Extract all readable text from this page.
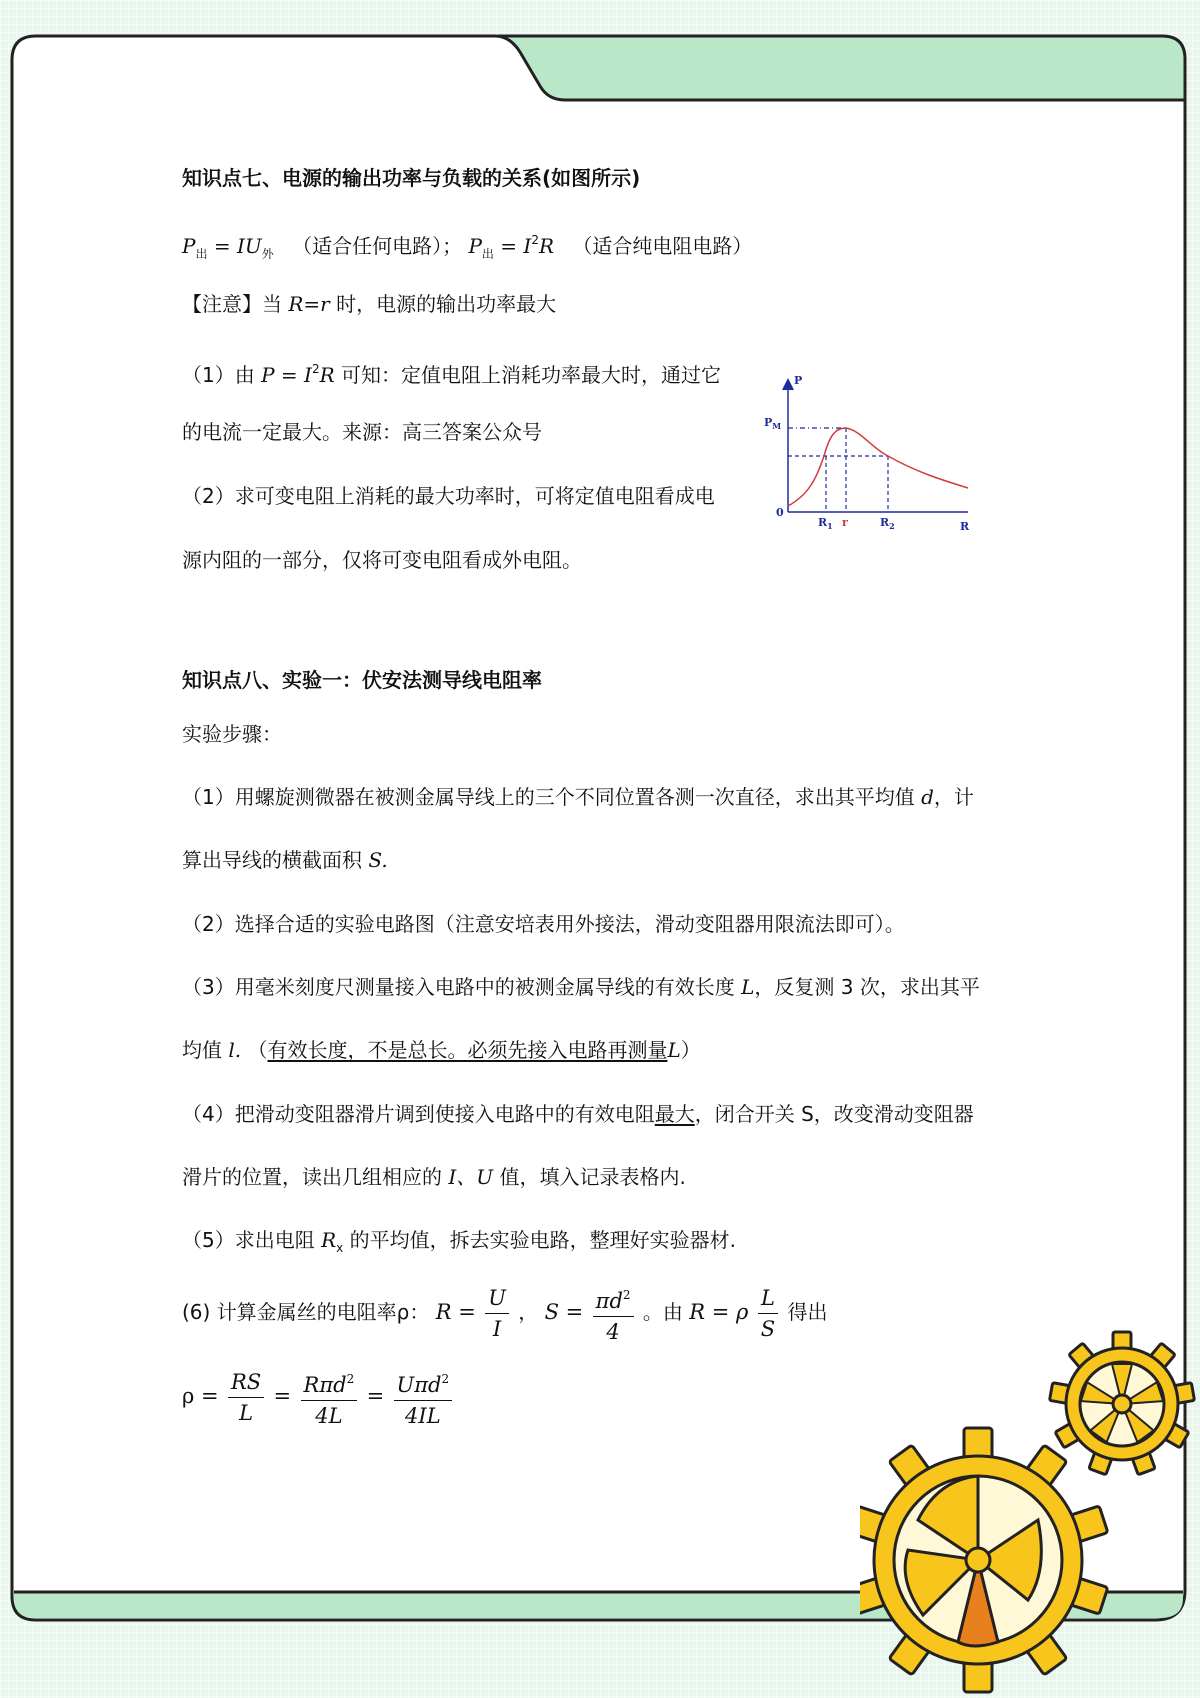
知识点七、电源的输出功率与负载的关系(如图所示)
$P_出 = IU_外$ （适合任何电路）； $P_出 = I^2R$ （适合纯电阻电路）
【注意】当 R=r 时，电源的输出功率最大
（1）由 $P = I^2R$ 可知：定值电阻上消耗功率最大时，通过它
的电流一定最大。来源：高三答案公众号
（2）求可变电阻上消耗的最大功率时，可将定值电阻看成电
源内阻的一部分，仅将可变电阻看成外电阻。
知识点八、实验一：伏安法测导线电阻率
实验步骤：
（1）用螺旋测微器在被测金属导线上的三个不同位置各测一次直径，求出其平均值 d，计
算出导线的横截面积 S.
（2）选择合适的实验电路图（注意安培表用外接法，滑动变阻器用限流法即可）。
（3）用毫米刻度尺测量接入电路中的被测金属导线的有效长度 L，反复测 3 次，求出其平
均值 l. （有效长度，不是总长。必须先接入电路再测量L）
（4）把滑动变阻器滑片调到使接入电路中的有效电阻最大，闭合开关 S，改变滑动变阻器
滑片的位置，读出几组相应的 I、U 值，填入记录表格内.
（5）求出电阻 $R_x$ 的平均值，拆去实验电路，整理好实验器材.
(6) 计算金属丝的电阻率ρ： $R = \frac{U}{I}$ ， $S = \frac{\pi d^2}{4}$ 。由 R = ρ $\frac{L}{S}$ 得出
$\rho = \frac{RS}{L} = \frac{R\pi d^2}{4L} = \frac{U\pi d^2}{4IL}$
P
$P_M$
0
R
$R_1$ r	$R_2$
